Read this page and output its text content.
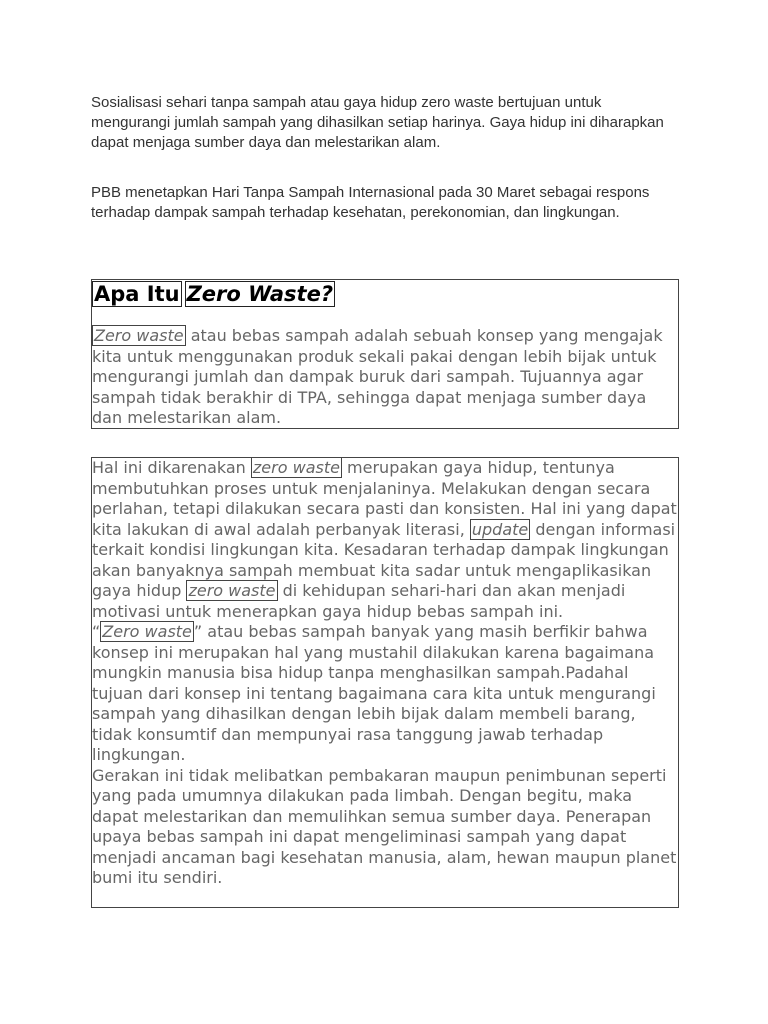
Sosialisasi sehari tanpa sampah atau gaya hidup zero waste bertujuan untuk mengurangi jumlah sampah yang dihasilkan setiap harinya. Gaya hidup ini diharapkan dapat menjaga sumber daya dan melestarikan alam.

PBB menetapkan Hari Tanpa Sampah Internasional pada 30 Maret sebagai respons terhadap dampak sampah terhadap kesehatan, perekonomian, dan lingkungan.

Apa Itu Zero Waste?

Zero waste atau bebas sampah adalah sebuah konsep yang mengajak kita untuk menggunakan produk sekali pakai dengan lebih bijak untuk mengurangi jumlah dan dampak buruk dari sampah. Tujuannya agar sampah tidak berakhir di TPA, sehingga dapat menjaga sumber daya dan melestarikan alam.

Hal ini dikarenakan zero waste merupakan gaya hidup, tentunya membutuhkan proses untuk menjalaninya. Melakukan dengan secara perlahan, tetapi dilakukan secara pasti dan konsisten. Hal ini yang dapat kita lakukan di awal adalah perbanyak literasi, update dengan informasi terkait kondisi lingkungan kita. Kesadaran terhadap dampak lingkungan akan banyaknya sampah membuat kita sadar untuk mengaplikasikan gaya hidup zero waste di kehidupan sehari-hari dan akan menjadi motivasi untuk menerapkan gaya hidup bebas sampah ini.

“ Zero waste ” atau bebas sampah banyak yang masih berfikir bahwa konsep ini merupakan hal yang mustahil dilakukan karena bagaimana mungkin manusia bisa hidup tanpa menghasilkan sampah.Padahal tujuan dari konsep ini tentang bagaimana cara kita untuk mengurangi sampah yang dihasilkan dengan lebih bijak dalam membeli barang, tidak konsumtif dan mempunyai rasa tanggung jawab terhadap lingkungan.

Gerakan ini tidak melibatkan pembakaran maupun penimbunan seperti yang pada umumnya dilakukan pada limbah. Dengan begitu, maka dapat melestarikan dan memulihkan semua sumber daya. Penerapan upaya bebas sampah ini dapat mengeliminasi sampah yang dapat menjadi ancaman bagi kesehatan manusia, alam, hewan maupun planet bumi itu sendiri.
